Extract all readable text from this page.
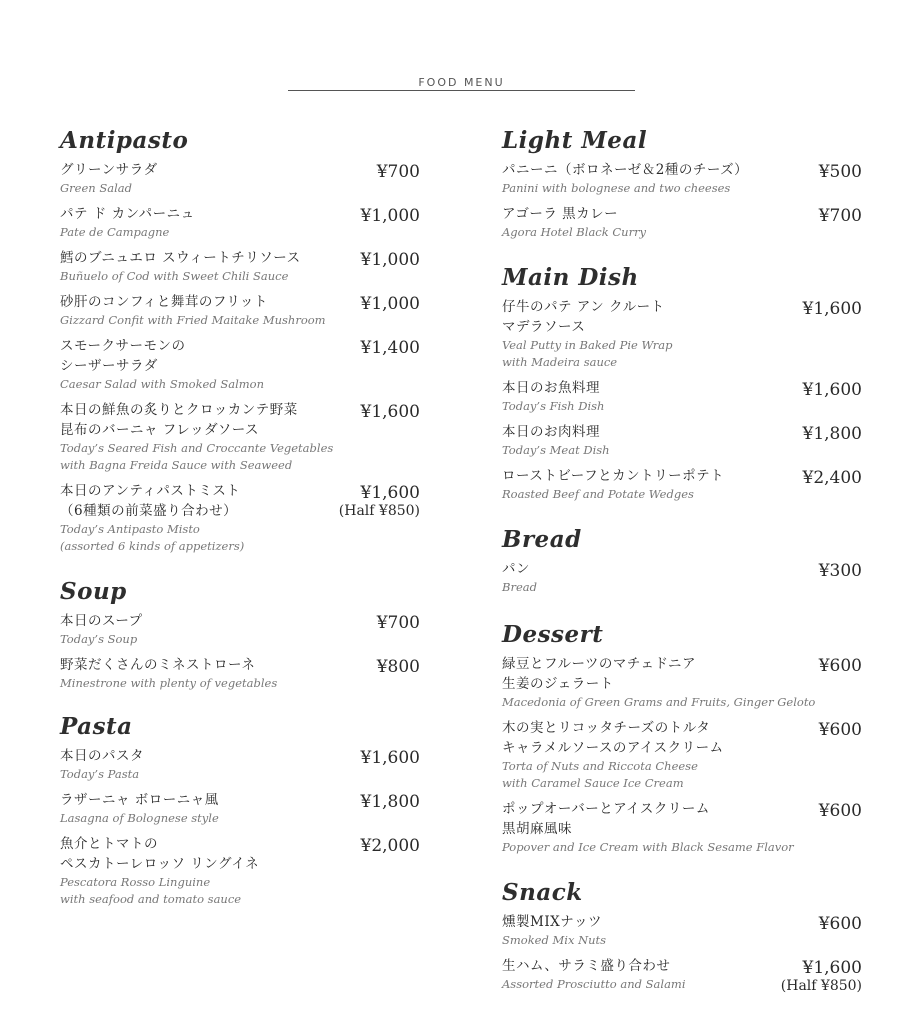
FOOD MENU
Antipasto
グリーンサラダ
Green Salad
¥700
パテ ド カンパーニュ
Pate de Campagne
¥1,000
鱈のブニュエロ スウィートチリソース
Buñuelo of Cod with Sweet Chili Sauce
¥1,000
砂肝のコンフィと舞茸のフリット
Gizzard Confit with Fried Maitake Mushroom
¥1,000
スモークサーモンの
シーザーサラダ
Caesar Salad with Smoked Salmon
¥1,400
本日の鮮魚の炙りとクロッカンテ野菜
昆布のバーニャ フレッダソース
Today’s Seared Fish and Croccante Vegetables
with Bagna Freida Sauce with Seaweed
¥1,600
本日のアンティパストミスト
（6種類の前菜盛り合わせ）
Today’s Antipasto Misto
(assorted 6 kinds of appetizers)
¥1,600
(Half ¥850)
Soup
本日のスープ
Today’s Soup
¥700
野菜だくさんのミネストローネ
Minestrone with plenty of vegetables
¥800
Pasta
本日のパスタ
Today’s Pasta
¥1,600
ラザーニャ ボローニャ風
Lasagna of Bolognese style
¥1,800
魚介とトマトの
ペスカトーレロッソ リングイネ
Pescatora Rosso Linguine
with seafood and tomato sauce
¥2,000
Light Meal
パニーニ（ボロネーゼ＆2種のチーズ）
Panini with bolognese and two cheeses
¥500
アゴーラ 黒カレー
Agora Hotel Black Curry
¥700
Main Dish
仔牛のパテ アン クルート
マデラソース
Veal Putty in Baked Pie Wrap
with Madeira sauce
¥1,600
本日のお魚料理
Today’s Fish Dish
¥1,600
本日のお肉料理
Today’s Meat Dish
¥1,800
ローストビーフとカントリーポテト
Roasted Beef and Potate Wedges
¥2,400
Bread
パン
Bread
¥300
Dessert
緑豆とフルーツのマチェドニア
生姜のジェラート
Macedonia of Green Grams and Fruits, Ginger Geloto
¥600
木の実とリコッタチーズのトルタ
キャラメルソースのアイスクリーム
Torta of Nuts and Riccota Cheese
with Caramel Sauce Ice Cream
¥600
ポップオーバーとアイスクリーム
黒胡麻風味
Popover and Ice Cream with Black Sesame Flavor
¥600
Snack
燻製MIXナッツ
Smoked Mix Nuts
¥600
生ハム、サラミ盛り合わせ
Assorted Prosciutto and Salami
¥1,600
(Half ¥850)
